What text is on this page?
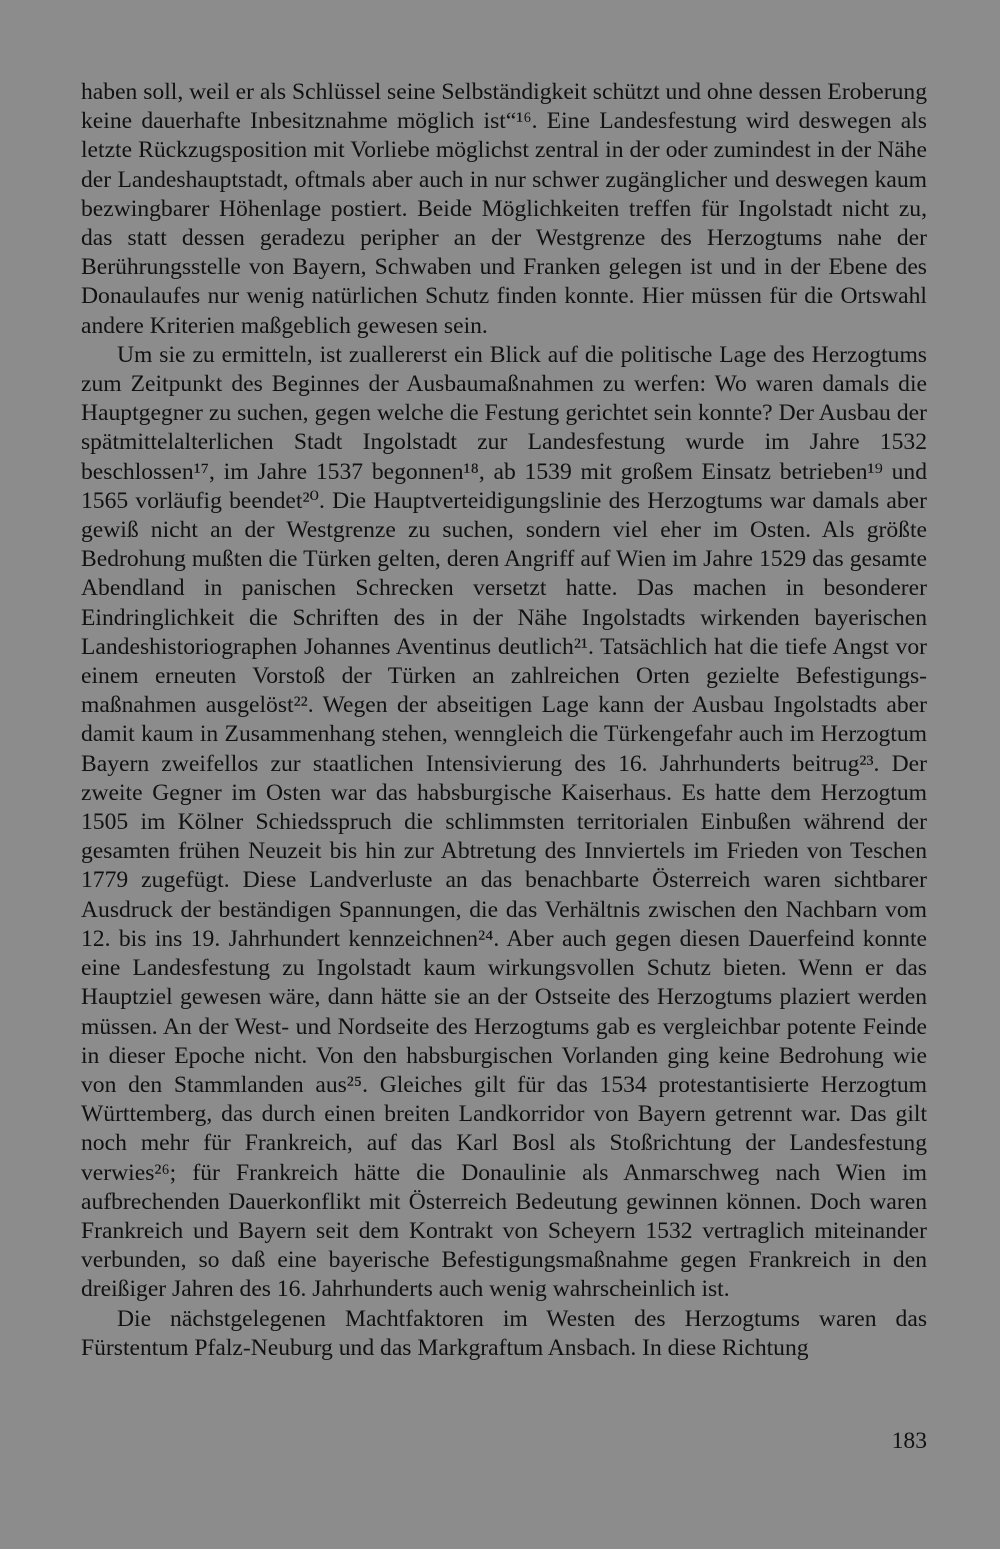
haben soll, weil er als Schlüssel seine Selbständigkeit schützt und ohne dessen Eroberung keine dauerhafte Inbesitznahme möglich ist“¹⁶. Eine Landesfestung wird deswegen als letzte Rückzugsposition mit Vorliebe möglichst zentral in der oder zumindest in der Nähe der Landeshauptstadt, oftmals aber auch in nur schwer zugänglicher und deswegen kaum bezwingbarer Höhenlage postiert. Beide Möglichkeiten treffen für Ingolstadt nicht zu, das statt dessen geradezu peripher an der Westgrenze des Herzogtums nahe der Berührungsstelle von Bayern, Schwaben und Franken gelegen ist und in der Ebene des Donaulaufes nur wenig natürlichen Schutz finden konnte. Hier müssen für die Ortswahl andere Kriterien maßgeblich gewesen sein.

Um sie zu ermitteln, ist zuallererst ein Blick auf die politische Lage des Herzogtums zum Zeitpunkt des Beginnes der Ausbaumaßnahmen zu werfen: Wo waren damals die Hauptgegner zu suchen, gegen welche die Festung gerichtet sein konnte? Der Ausbau der spätmittelalterlichen Stadt Ingolstadt zur Landesfestung wurde im Jahre 1532 beschlossen¹⁷, im Jahre 1537 begonnen¹⁸, ab 1539 mit großem Einsatz betrieben¹⁹ und 1565 vorläufig beendet²⁰. Die Hauptverteidigungslinie des Herzogtums war damals aber gewiß nicht an der Westgrenze zu suchen, sondern viel eher im Osten. Als größte Bedrohung mußten die Türken gelten, deren Angriff auf Wien im Jahre 1529 das gesamte Abendland in panischen Schrecken versetzt hatte. Das machen in besonderer Eindringlichkeit die Schriften des in der Nähe Ingolstadts wirkenden bayerischen Landeshistoriographen Johannes Aventinus deutlich²¹. Tatsächlich hat die tiefe Angst vor einem erneuten Vorstoß der Türken an zahlreichen Orten gezielte Befestigungsmaßnahmen ausgelöst²². Wegen der abseitigen Lage kann der Ausbau Ingolstadts aber damit kaum in Zusammenhang stehen, wenngleich die Türkengefahr auch im Herzogtum Bayern zweifellos zur staatlichen Intensivierung des 16. Jahrhunderts beitrug²³. Der zweite Gegner im Osten war das habsburgische Kaiserhaus. Es hatte dem Herzogtum 1505 im Kölner Schiedsspruch die schlimmsten territorialen Einbußen während der gesamten frühen Neuzeit bis hin zur Abtretung des Innviertels im Frieden von Teschen 1779 zugefügt. Diese Landverluste an das benachbarte Österreich waren sichtbarer Ausdruck der beständigen Spannungen, die das Verhältnis zwischen den Nachbarn vom 12. bis ins 19. Jahrhundert kennzeichnen²⁴. Aber auch gegen diesen Dauerfeind konnte eine Landesfestung zu Ingolstadt kaum wirkungsvollen Schutz bieten. Wenn er das Hauptziel gewesen wäre, dann hätte sie an der Ostseite des Herzogtums plaziert werden müssen. An der West- und Nordseite des Herzogtums gab es vergleichbar potente Feinde in dieser Epoche nicht. Von den habsburgischen Vorlanden ging keine Bedrohung wie von den Stammlanden aus²⁵. Gleiches gilt für das 1534 protestantisierte Herzogtum Württemberg, das durch einen breiten Landkorridor von Bayern getrennt war. Das gilt noch mehr für Frankreich, auf das Karl Bosl als Stoßrichtung der Landesfestung verwies²⁶; für Frankreich hätte die Donaulinie als Anmarschweg nach Wien im aufbrechenden Dauerkonflikt mit Österreich Bedeutung gewinnen können. Doch waren Frankreich und Bayern seit dem Kontrakt von Scheyern 1532 vertraglich miteinander verbunden, so daß eine bayerische Befestigungsmaßnahme gegen Frankreich in den dreißiger Jahren des 16. Jahrhunderts auch wenig wahrscheinlich ist.

Die nächstgelegenen Machtfaktoren im Westen des Herzogtums waren das Fürstentum Pfalz-Neuburg und das Markgraftum Ansbach. In diese Richtung

183
